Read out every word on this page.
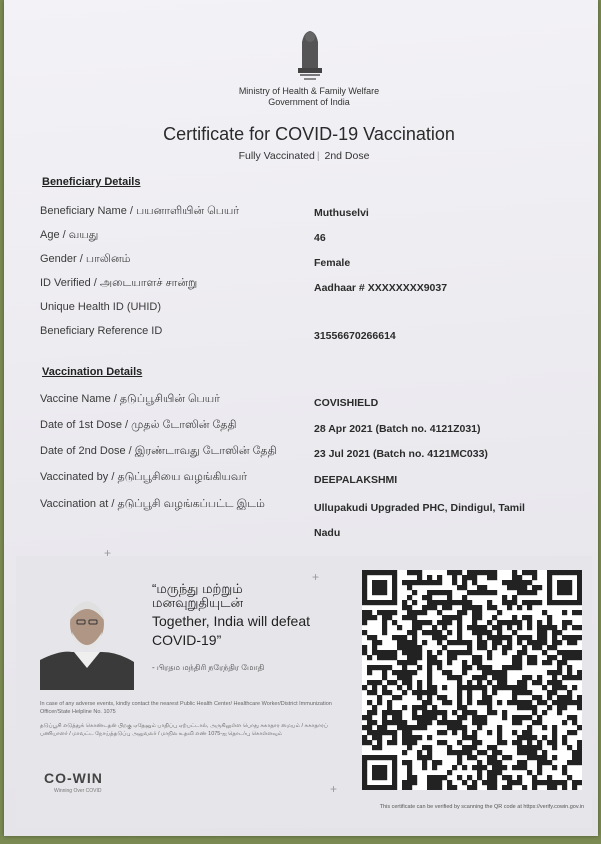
Ministry of Health & Family Welfare
Government of India
Certificate for COVID-19 Vaccination
Fully Vaccinated | 2nd Dose
Beneficiary Details
Beneficiary Name / பயனாளியின் பெயர்	Muthuselvi
Age / வயது	46
Gender / பாலினம்	Female
ID Verified / அடையாளச் சான்று	Aadhaar # XXXXXXXX9037
Unique Health ID (UHID)
Beneficiary Reference ID	31556670266614
Vaccination Details
Vaccine Name / தடுப்பூசியின் பெயர்	COVISHIELD
Date of 1st Dose / முதல் டோஸின் தேதி	28 Apr 2021 (Batch no. 4121Z031)
Date of 2nd Dose / இரண்டாவது டோஸின் தேதி	23 Jul 2021 (Batch no. 4121MC033)
Vaccinated by / தடுப்பூசியை வழங்கியவர்	DEEPALAKSHMI
Vaccination at / தடுப்பூசி வழங்கப்பட்ட இடம்	Ullupakudi Upgraded PHC, Dindigul, Tamil
Nadu
“மருந்து மற்றும்
மனவுறுதியுடன்
Together, India will defeat COVID-19”
- பிரதம மந்திரி நரேந்திர மோதி
In case of any adverse events, kindly contact the nearest Public Health Center/ Healthcare Worker/District Immunization Officer/State Helpline No. 1075
தடுப்பூசி எடுத்துக் கொண்டதன் பிறகு ஏதேனும் பாதிப்பு ஏற்பட்டால், அருகிலுள்ள பொது சுகாதார மையம் / சுகாதாரப் பணியாளர் / மாவட்ட நோய்த்தடுப்பு அலுவலர் / மாநில உதவி எண் 1075-ஐ தொடர்பு கொள்ளவும்
CO-WIN
Winning Over COVID
+
+
+
This certificate can be verified by scanning the QR code at https://verify.cowin.gov.in
